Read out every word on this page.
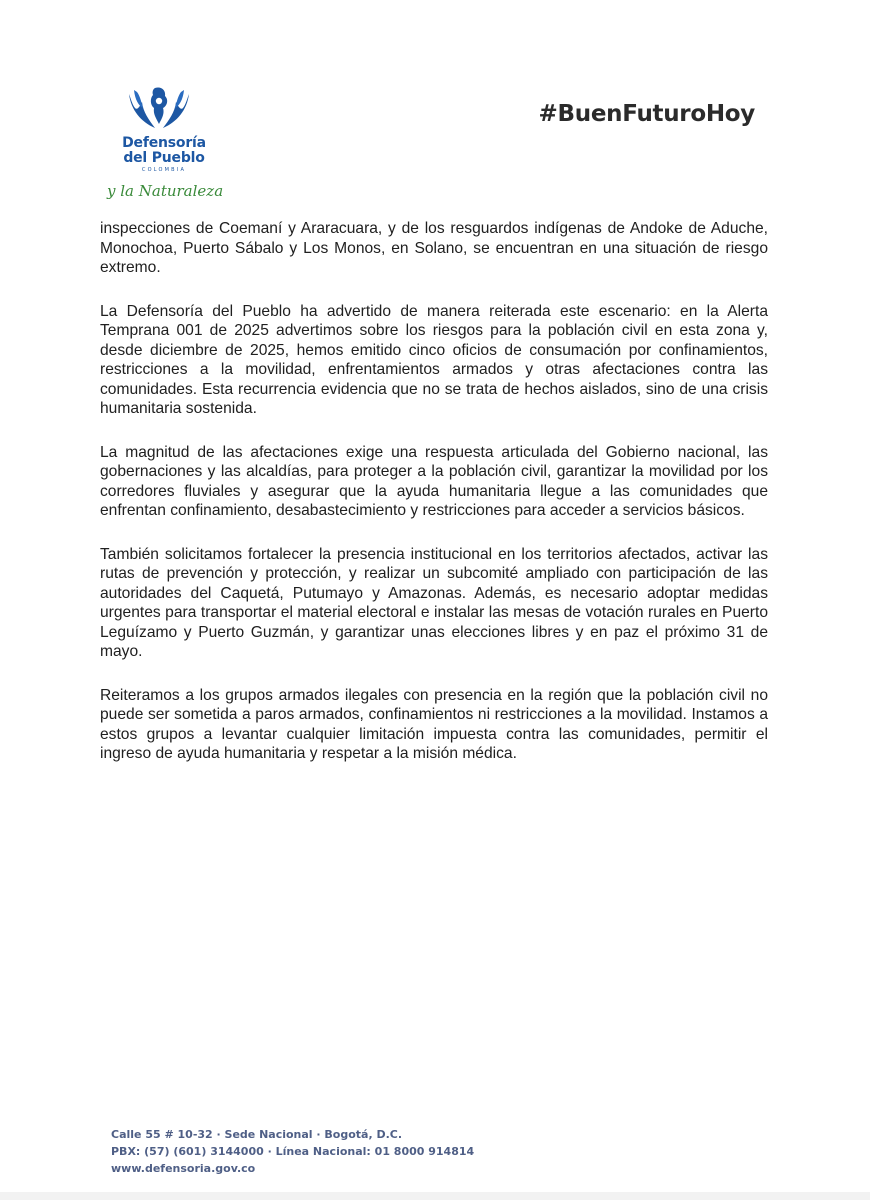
Defensoría
del Pueblo
COLOMBIA
y la Naturaleza
#BuenFuturoHoy

inspecciones de Coemaní y Araracuara, y de los resguardos indígenas de Andoke de Aduche, Monochoa, Puerto Sábalo y Los Monos, en Solano, se encuentran en una situación de riesgo extremo.

La Defensoría del Pueblo ha advertido de manera reiterada este escenario: en la Alerta Temprana 001 de 2025 advertimos sobre los riesgos para la población civil en esta zona y, desde diciembre de 2025, hemos emitido cinco oficios de consumación por confinamientos, restricciones a la movilidad, enfrentamientos armados y otras afectaciones contra las comunidades. Esta recurrencia evidencia que no se trata de hechos aislados, sino de una crisis humanitaria sostenida.

La magnitud de las afectaciones exige una respuesta articulada del Gobierno nacional, las gobernaciones y las alcaldías, para proteger a la población civil, garantizar la movilidad por los corredores fluviales y asegurar que la ayuda humanitaria llegue a las comunidades que enfrentan confinamiento, desabastecimiento y restricciones para acceder a servicios básicos.

También solicitamos fortalecer la presencia institucional en los territorios afectados, activar las rutas de prevención y protección, y realizar un subcomité ampliado con participación de las autoridades del Caquetá, Putumayo y Amazonas. Además, es necesario adoptar medidas urgentes para transportar el material electoral e instalar las mesas de votación rurales en Puerto Leguízamo y Puerto Guzmán, y garantizar unas elecciones libres y en paz el próximo 31 de mayo.

Reiteramos a los grupos armados ilegales con presencia en la región que la población civil no puede ser sometida a paros armados, confinamientos ni restricciones a la movilidad. Instamos a estos grupos a levantar cualquier limitación impuesta contra las comunidades, permitir el ingreso de ayuda humanitaria y respetar a la misión médica.

Calle 55 # 10-32 · Sede Nacional · Bogotá, D.C.
PBX: (57) (601) 3144000 · Línea Nacional: 01 8000 914814
www.defensoria.gov.co
